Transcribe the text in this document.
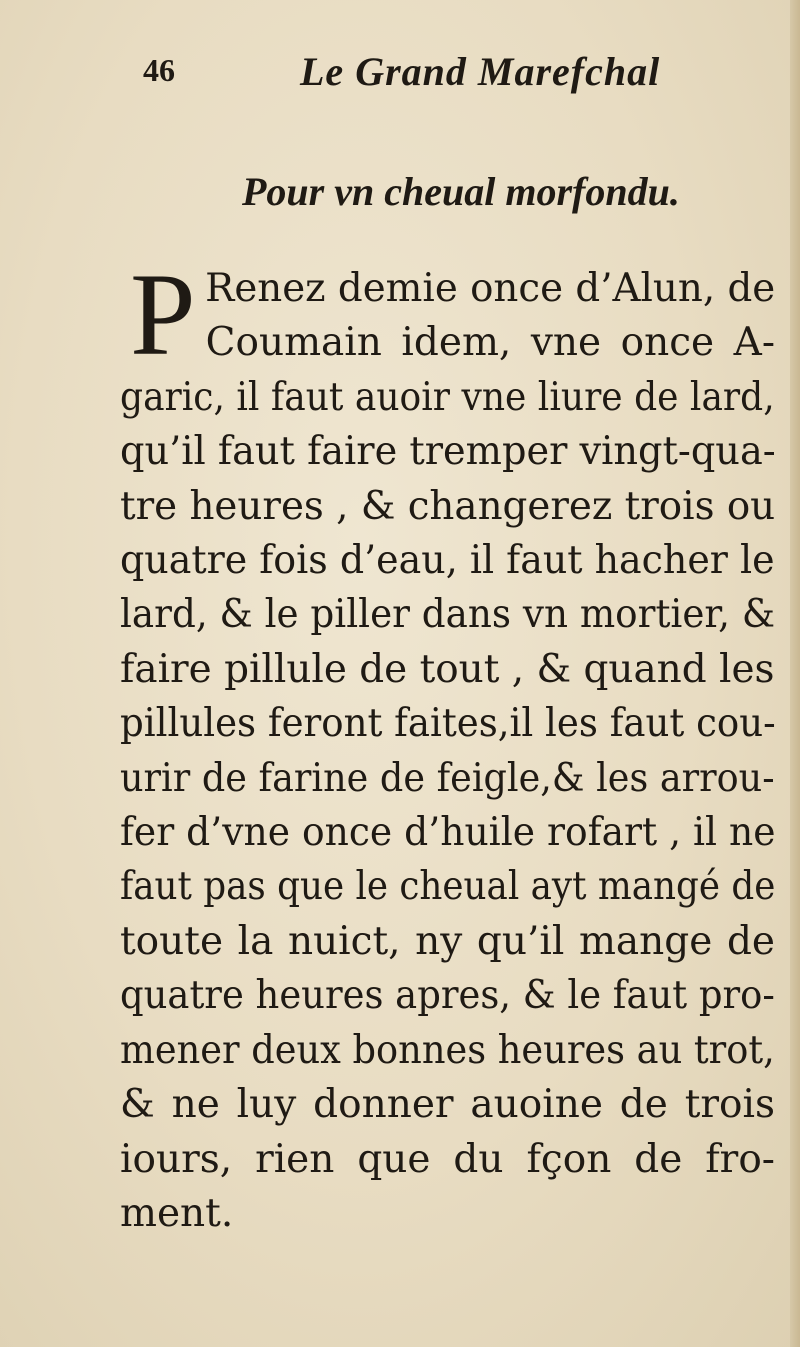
46	Le Grand Marefchal
Pour vn cheual morfondu.
P Renez demie once d’Alun, de
Coumain idem, vne once A-
garic, il faut auoir vne liure de lard,
qu’il faut faire tremper vingt-qua-
tre heures , & changerez trois ou
quatre fois d’eau, il faut hacher le
lard, & le piller dans vn mortier, &
faire pillule de tout , & quand les
pillules feront faites,il les faut cou-
urir de farine de feigle,& les arrou-
fer d’vne once d’huile rofart , il ne
faut pas que le cheual ayt mangé de
toute la nuict, ny qu’il mange de
quatre heures apres, & le faut pro-
mener deux bonnes heures au trot,
& ne luy donner auoine de trois
iours, rien que du fçon de fro-
ment.
